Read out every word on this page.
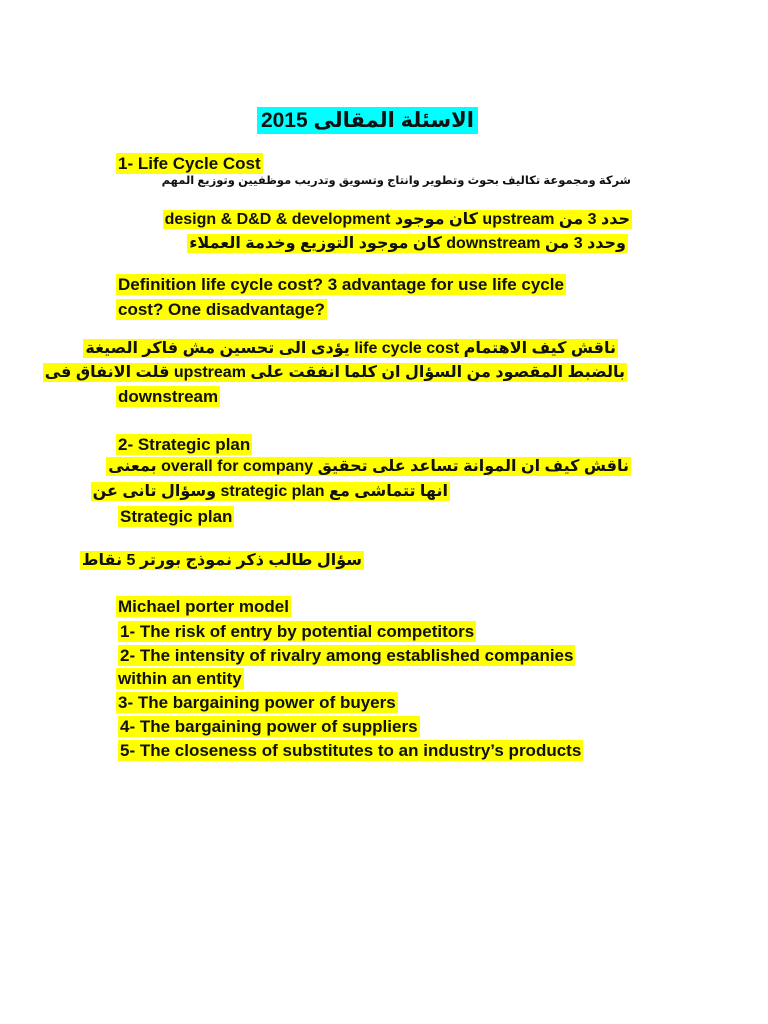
الاسئلة المقالى 2015
1- Life Cycle Cost
شركة ومجموعة تكاليف بحوث وتطوير وانتاج وتسويق وتدريب موظفيين وتوزيع المهم
حدد 3 من upstream كان موجود design & D&D & development
وحدد 3 من downstream كان موجود التوزيع وخدمة العملاء
Definition life cycle cost? 3 advantage for use life cycle
cost? One disadvantage?
ناقش كيف الاهتمام life cycle cost يؤدى الى تحسين مش فاكر الصيغة
بالضبط المقصود من السؤال ان كلما انفقت على upstream قلت الانفاق فى
downstream
2- Strategic plan
ناقش كيف ان الموانة تساعد على تحقيق overall for company بمعنى
انها تتماشى مع strategic plan وسؤال تانى عن
Strategic plan
سؤال طالب ذكر نموذج بورتر 5 نقاط
Michael porter model
1- The risk of entry by potential competitors
2- The intensity of rivalry among established companies
within an entity
3- The bargaining power of buyers
4- The bargaining power of suppliers
5- The closeness of substitutes to an industry’s products
